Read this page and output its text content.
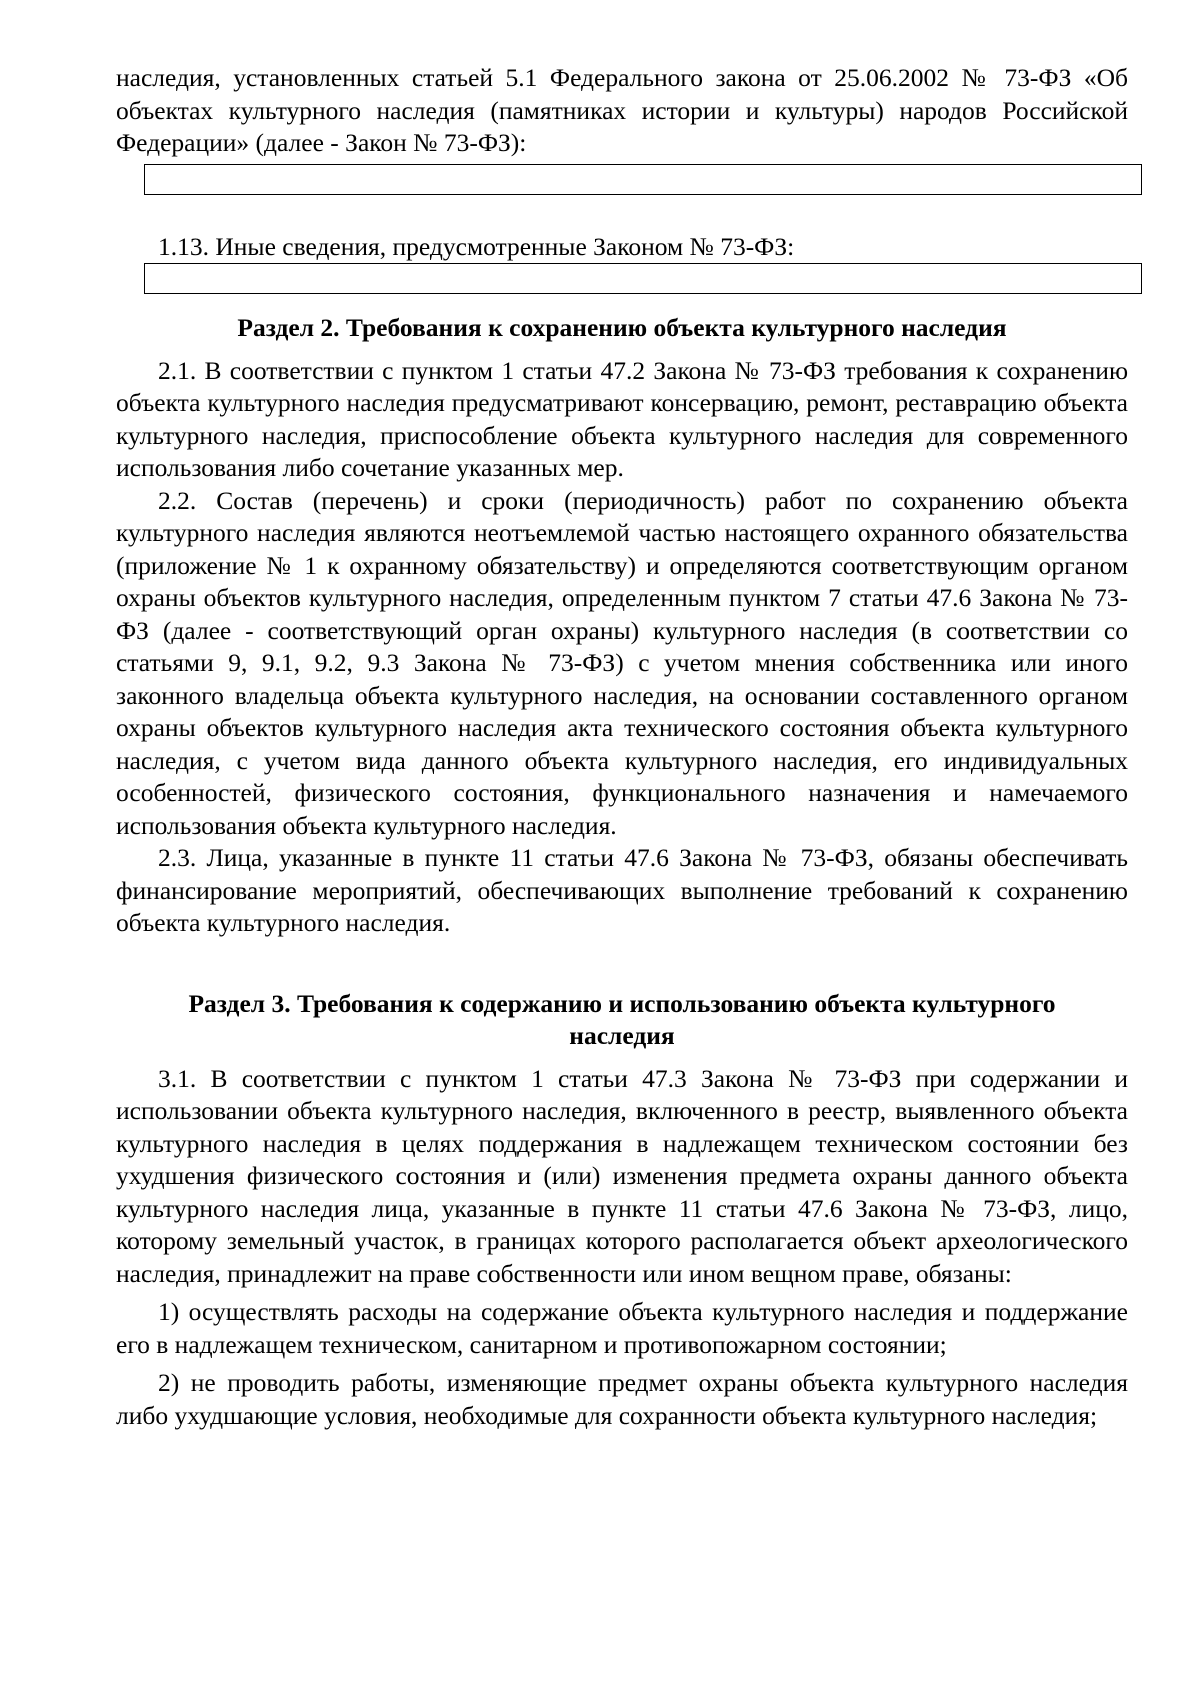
наследия, установленных статьей 5.1 Федерального закона от 25.06.2002 № 73-ФЗ «Об объектах культурного наследия (памятниках истории и культуры) народов Российской Федерации» (далее - Закон № 73-ФЗ):

1.13. Иные сведения, предусмотренные Законом № 73-ФЗ:

Раздел 2. Требования к сохранению объекта культурного наследия

2.1. В соответствии с пунктом 1 статьи 47.2 Закона № 73-ФЗ требования к сохранению объекта культурного наследия предусматривают консервацию, ремонт, реставрацию объекта культурного наследия, приспособление объекта культурного наследия для современного использования либо сочетание указанных мер.

2.2. Состав (перечень) и сроки (периодичность) работ по сохранению объекта культурного наследия являются неотъемлемой частью настоящего охранного обязательства (приложение № 1 к охранному обязательству) и определяются соответствующим органом охраны объектов культурного наследия, определенным пунктом 7 статьи 47.6 Закона № 73-ФЗ (далее - соответствующий орган охраны) культурного наследия (в соответствии со статьями 9, 9.1, 9.2, 9.3 Закона № 73-ФЗ) с учетом мнения собственника или иного законного владельца объекта культурного наследия, на основании составленного органом охраны объектов культурного наследия акта технического состояния объекта культурного наследия, с учетом вида данного объекта культурного наследия, его индивидуальных особенностей, физического состояния, функционального назначения и намечаемого использования объекта культурного наследия.

2.3. Лица, указанные в пункте 11 статьи 47.6 Закона № 73-ФЗ, обязаны обеспечивать финансирование мероприятий, обеспечивающих выполнение требований к сохранению объекта культурного наследия.

Раздел 3. Требования к содержанию и использованию объекта культурного наследия

3.1. В соответствии с пунктом 1 статьи 47.3 Закона № 73-ФЗ при содержании и использовании объекта культурного наследия, включенного в реестр, выявленного объекта культурного наследия в целях поддержания в надлежащем техническом состоянии без ухудшения физического состояния и (или) изменения предмета охраны данного объекта культурного наследия лица, указанные в пункте 11 статьи 47.6 Закона № 73-ФЗ, лицо, которому земельный участок, в границах которого располагается объект археологического наследия, принадлежит на праве собственности или ином вещном праве, обязаны:

1) осуществлять расходы на содержание объекта культурного наследия и поддержание его в надлежащем техническом, санитарном и противопожарном состоянии;

2) не проводить работы, изменяющие предмет охраны объекта культурного наследия либо ухудшающие условия, необходимые для сохранности объекта культурного наследия;
